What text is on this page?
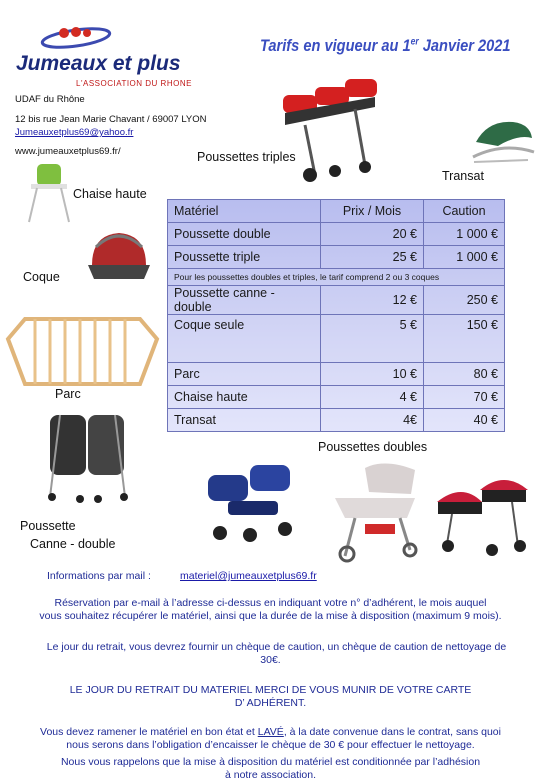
Jumeaux et plus
L'ASSOCIATION DU RHONE
Tarifs en vigueur au 1er Janvier 2021
UDAF du Rhône
12 bis rue Jean Marie Chavant / 69007 LYON
Jumeauxetplus69@yahoo.fr
www.jumeauxetplus69.fr/	Poussettes triples
Transat
Chaise haute
Coque
Parc
Poussette
Canne - double
Matériel	Prix / Mois	Caution
Poussette double	20 €	1 000 €
Poussette triple	25 €	1 000 €
Pour les poussettes doubles et triples, le tarif comprend 2 ou 3 coques		
Poussette canne - double	12 €	250 €
Coque seule	5 €	150 €
Parc	10 €	80 €
Chaise haute	4 €	70 €
Transat	4€	40 €
Poussettes doubles
Informations par mail :	materiel@jumeauxetplus69.fr
Réservation par e-mail à l’adresse ci-dessus en indiquant votre n° d’adhérent, le mois auquel
vous souhaitez récupérer le matériel, ainsi que la durée de la mise à disposition (maximum 9 mois).
Le jour du retrait, vous devrez fournir un chèque de caution, un chèque de caution de nettoyage de
30€.
LE JOUR DU RETRAIT DU MATERIEL MERCI DE VOUS MUNIR DE VOTRE CARTE
D’ ADHÉRENT.
Vous devez ramener le matériel en bon état et LAVÉ, à la date convenue dans le contrat, sans quoi
nous serons dans l’obligation d’encaisser le chèque de 30 € pour effectuer le nettoyage.
Nous vous rappelons que la mise à disposition du matériel est conditionnée par l’adhésion
à notre association.
